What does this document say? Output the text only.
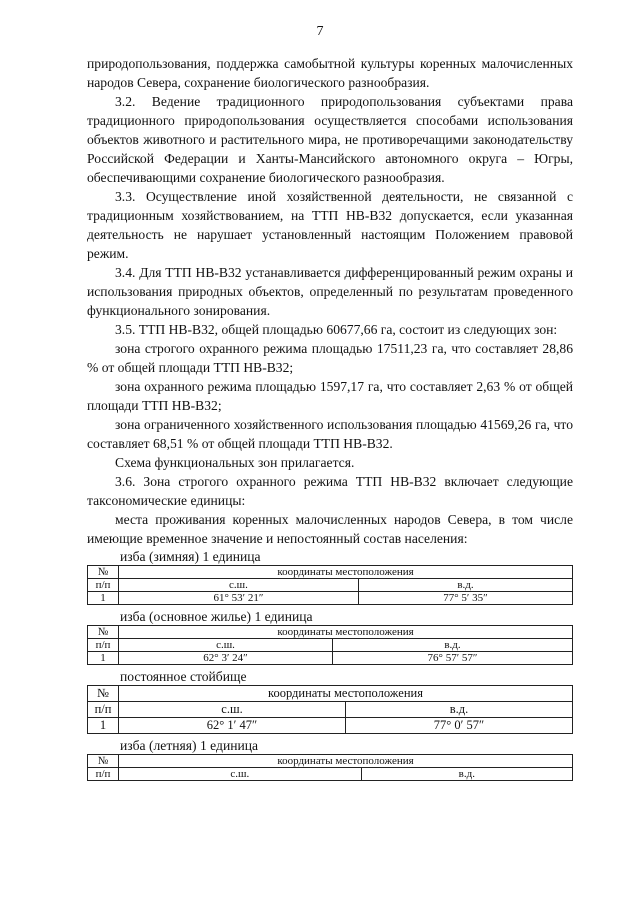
7

природопользования, поддержка самобытной культуры коренных малочисленных народов Севера, сохранение биологического разнообразия.

3.2. Ведение традиционного природопользования субъектами права традиционного природопользования осуществляется способами использования объектов животного и растительного мира, не противоречащими законодательству Российской Федерации и Ханты-Мансийского автономного округа – Югры, обеспечивающими сохранение биологического разнообразия.

3.3. Осуществление иной хозяйственной деятельности, не связанной с традиционным хозяйствованием, на ТТП НВ-В32 допускается, если указанная деятельность не нарушает установленный настоящим Положением правовой режим.

3.4. Для ТТП НВ-В32 устанавливается дифференцированный режим охраны и использования природных объектов, определенный по результатам проведенного функционального зонирования.

3.5. ТТП НВ-В32, общей площадью 60677,66 га, состоит из следующих зон:

зона строгого охранного режима площадью 17511,23 га, что составляет 28,86 % от общей площади ТТП НВ-В32;

зона охранного режима площадью 1597,17 га, что составляет 2,63 % от общей площади ТТП НВ-В32;

зона ограниченного хозяйственного использования площадью 41569,26 га, что составляет 68,51 % от общей площади ТТП НВ-В32.

Схема функциональных зон прилагается.

3.6. Зона строгого охранного режима ТТП НВ-В32 включает следующие таксономические единицы:

места проживания коренных малочисленных народов Севера, в том числе имеющие временное значение и непостоянный состав населения:

изба (зимняя) 1 единица
№	координаты местоположения	
п/п	с.ш.	в.д.
1	61° 53′ 21″	77° 5′ 35″
изба (основное жилье) 1 единица
№	координаты местоположения	
п/п	с.ш.	в.д.
1	62° 3′ 24″	76° 57′ 57″
постоянное стойбище
№	координаты местоположения	
п/п	с.ш.	в.д.
1	62° 1′ 47″	77° 0′ 57″
изба (летняя) 1 единица
№	координаты местоположения	
п/п	с.ш.	в.д.
